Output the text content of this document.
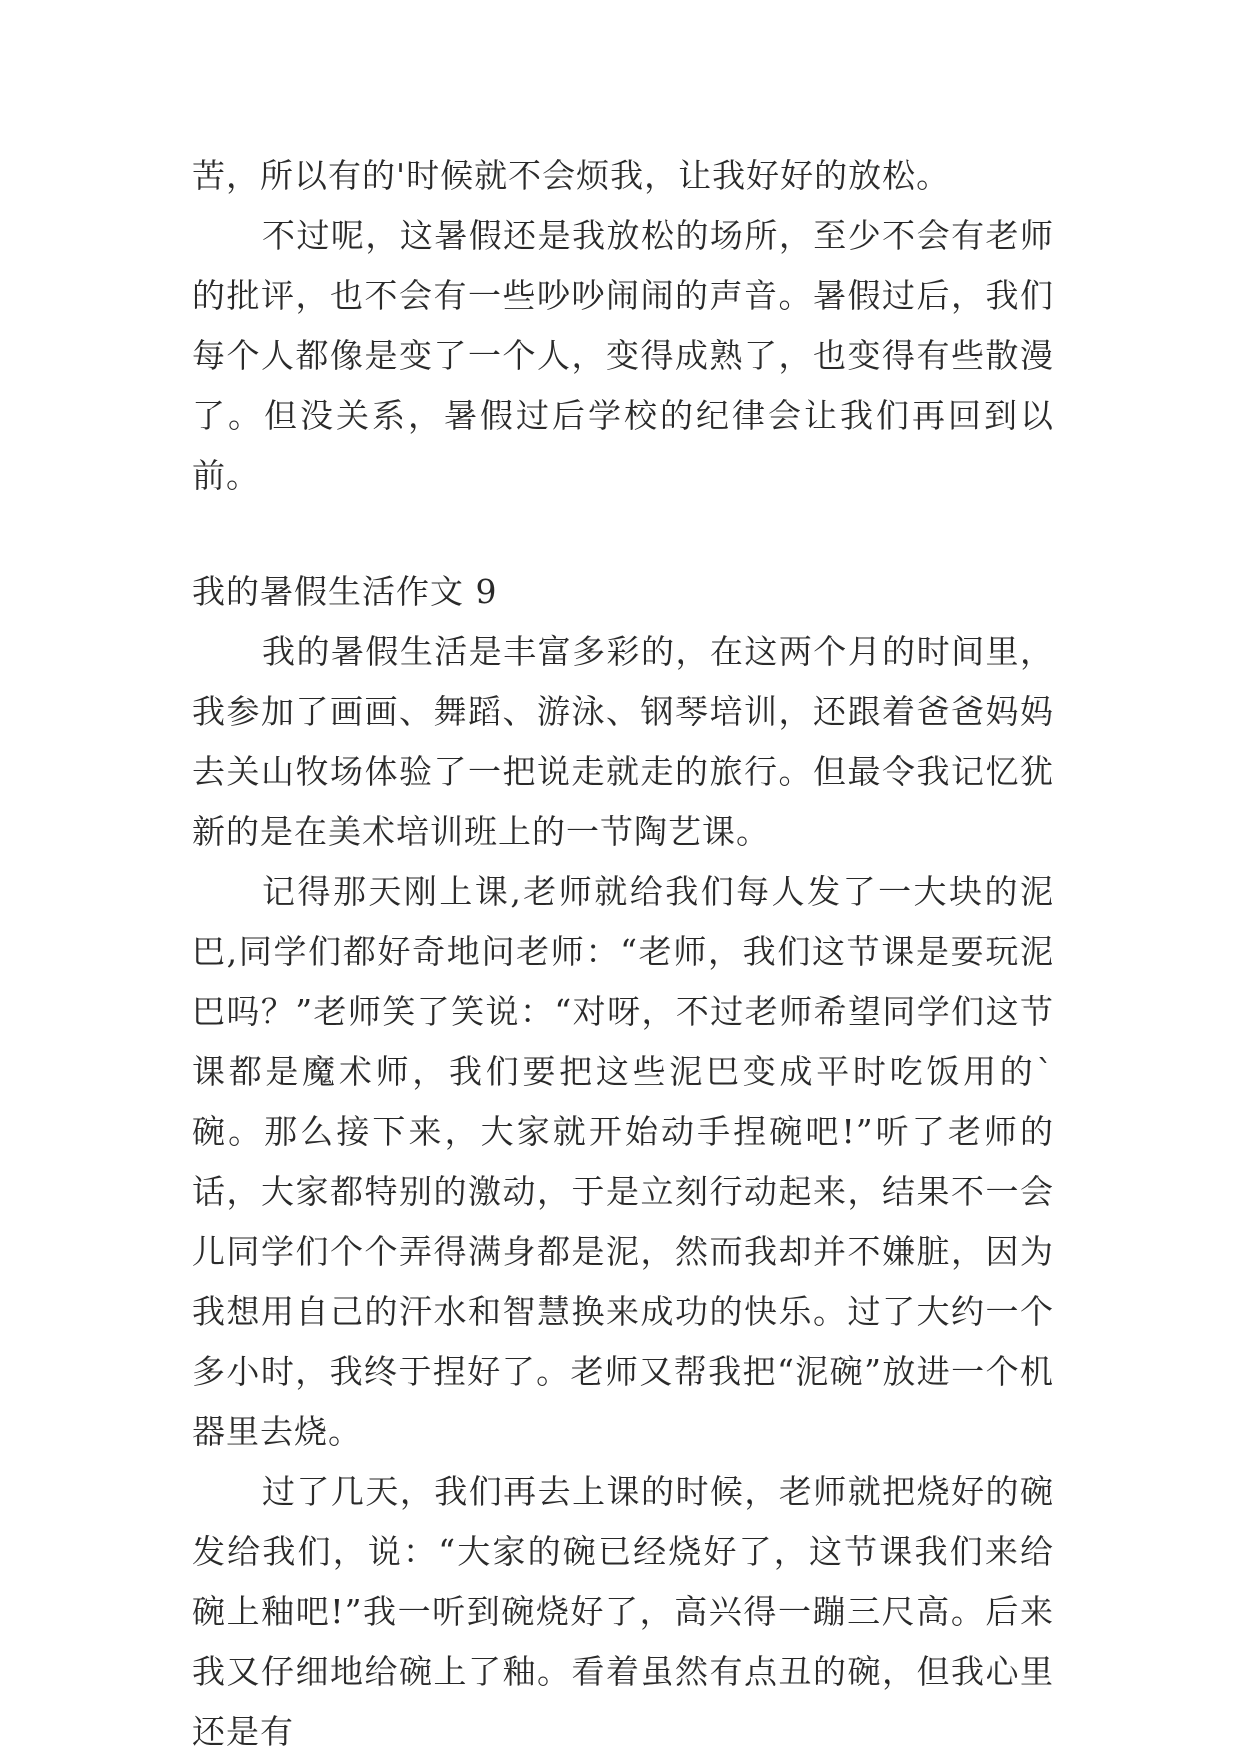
苦，所以有的'时候就不会烦我，让我好好的放松。

不过呢，这暑假还是我放松的场所，至少不会有老师的批评，也不会有一些吵吵闹闹的声音。暑假过后，我们每个人都像是变了一个人，变得成熟了，也变得有些散漫了。但没关系，暑假过后学校的纪律会让我们再回到以前。

我的暑假生活作文 9

我的暑假生活是丰富多彩的，在这两个月的时间里，我参加了画画、舞蹈、游泳、钢琴培训，还跟着爸爸妈妈去关山牧场体验了一把说走就走的旅行。但最令我记忆犹新的是在美术培训班上的一节陶艺课。

记得那天刚上课,老师就给我们每人发了一大块的泥巴,同学们都好奇地问老师：“老师，我们这节课是要玩泥巴吗？”老师笑了笑说：“对呀，不过老师希望同学们这节课都是魔术师，我们要把这些泥巴变成平时吃饭用的`碗。那么接下来，大家就开始动手捏碗吧!”听了老师的话，大家都特别的激动，于是立刻行动起来，结果不一会儿同学们个个弄得满身都是泥，然而我却并不嫌脏，因为我想用自己的汗水和智慧换来成功的快乐。过了大约一个多小时，我终于捏好了。老师又帮我把“泥碗”放进一个机器里去烧。

过了几天，我们再去上课的时候，老师就把烧好的碗发给我们，说：“大家的碗已经烧好了，这节课我们来给碗上釉吧!”我一听到碗烧好了，高兴得一蹦三尺高。后来我又仔细地给碗上了釉。看着虽然有点丑的碗，但我心里还是有
